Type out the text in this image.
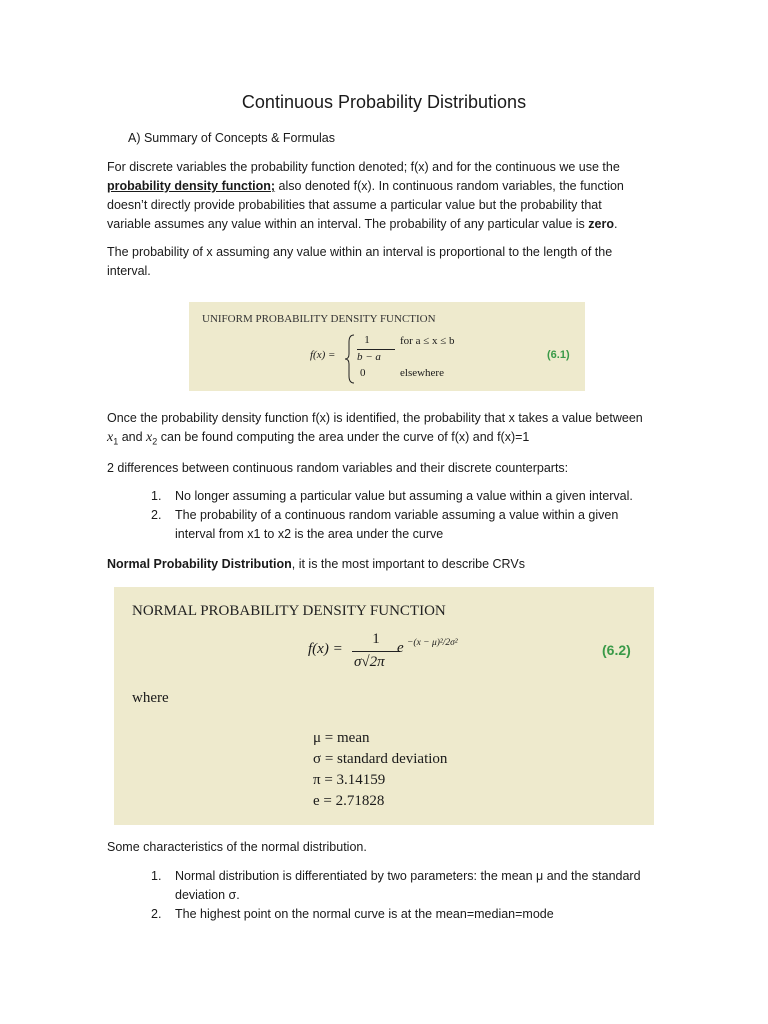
Continuous Probability Distributions
A) Summary of Concepts & Formulas
For discrete variables the probability function denoted; f(x) and for the continuous we use the
probability density function; also denoted f(x). In continuous random variables, the function
doesn’t directly provide probabilities that assume a particular value but the probability that
variable assumes any value within an interval. The probability of any particular value is zero.
The probability of x assuming any value within an interval is proportional to the length of the
interval.
UNIFORM PROBABILITY DENSITY FUNCTION
f(x) =
1
b − a
0
for a ≤ x ≤ b
elsewhere
(6.1)
Once the probability density function f(x) is identified, the probability that x takes a value between
$x_1$ and $x_2$ can be found computing the area under the curve of f(x) and f(x)=1
2 differences between continuous random variables and their discrete counterparts:
1. No longer assuming a particular value but assuming a value within a given interval.
2. The probability of a continuous random variable assuming a value within a given interval from x1 to x2 is the area under the curve
Normal Probability Distribution, it is the most important to describe CRVs
NORMAL PROBABILITY DENSITY FUNCTION
f(x) =
1
σ√2π
e −(x − μ)²/2σ²	(6.2)
where
μ = mean
σ = standard deviation
π = 3.14159
e = 2.71828
Some characteristics of the normal distribution.
1. Normal distribution is differentiated by two parameters: the mean μ and the standard deviation σ.
2. The highest point on the normal curve is at the mean=median=mode
